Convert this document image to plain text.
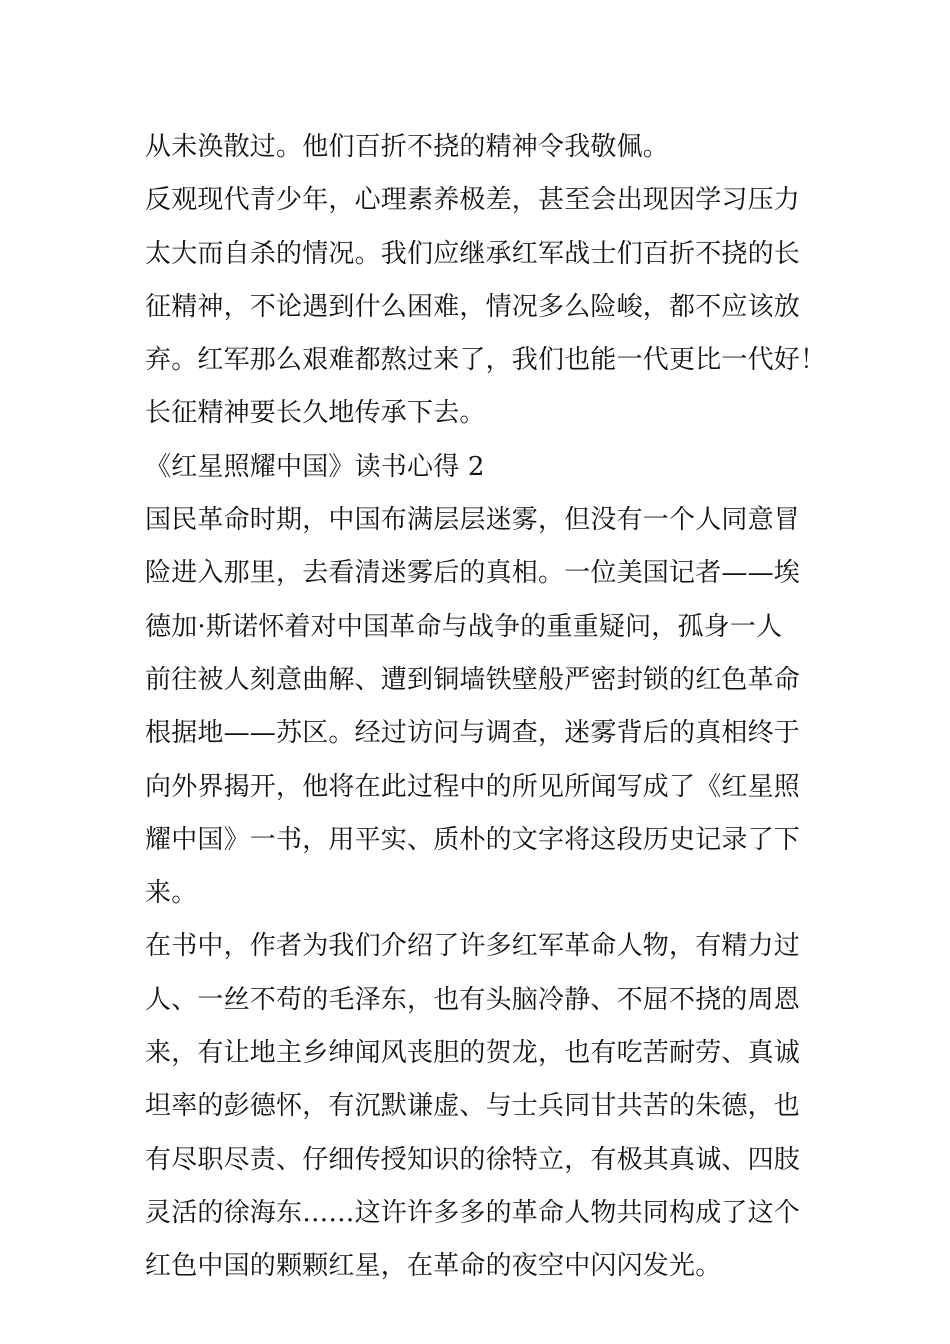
从未涣散过。他们百折不挠的精神令我敬佩。

反观现代青少年，心理素养极差，甚至会出现因学习压力
太大而自杀的情况。我们应继承红军战士们百折不挠的长
征精神，不论遇到什么困难，情况多么险峻，都不应该放
弃。红军那么艰难都熬过来了，我们也能一代更比一代好！
长征精神要长久地传承下去。

《红星照耀中国》读书心得 2

国民革命时期，中国布满层层迷雾，但没有一个人同意冒
险进入那里，去看清迷雾后的真相。一位美国记者——埃
德加·斯诺怀着对中国革命与战争的重重疑问，孤身一人
前往被人刻意曲解、遭到铜墙铁壁般严密封锁的红色革命
根据地——苏区。经过访问与调查，迷雾背后的真相终于
向外界揭开，他将在此过程中的所见所闻写成了《红星照
耀中国》一书，用平实、质朴的文字将这段历史记录了下
来。

在书中，作者为我们介绍了许多红军革命人物，有精力过
人、一丝不苟的毛泽东，也有头脑冷静、不屈不挠的周恩
来，有让地主乡绅闻风丧胆的贺龙，也有吃苦耐劳、真诚
坦率的彭德怀，有沉默谦虚、与士兵同甘共苦的朱德，也
有尽职尽责、仔细传授知识的徐特立，有极其真诚、四肢
灵活的徐海东……这许许多多的革命人物共同构成了这个
红色中国的颗颗红星，在革命的夜空中闪闪发光。
